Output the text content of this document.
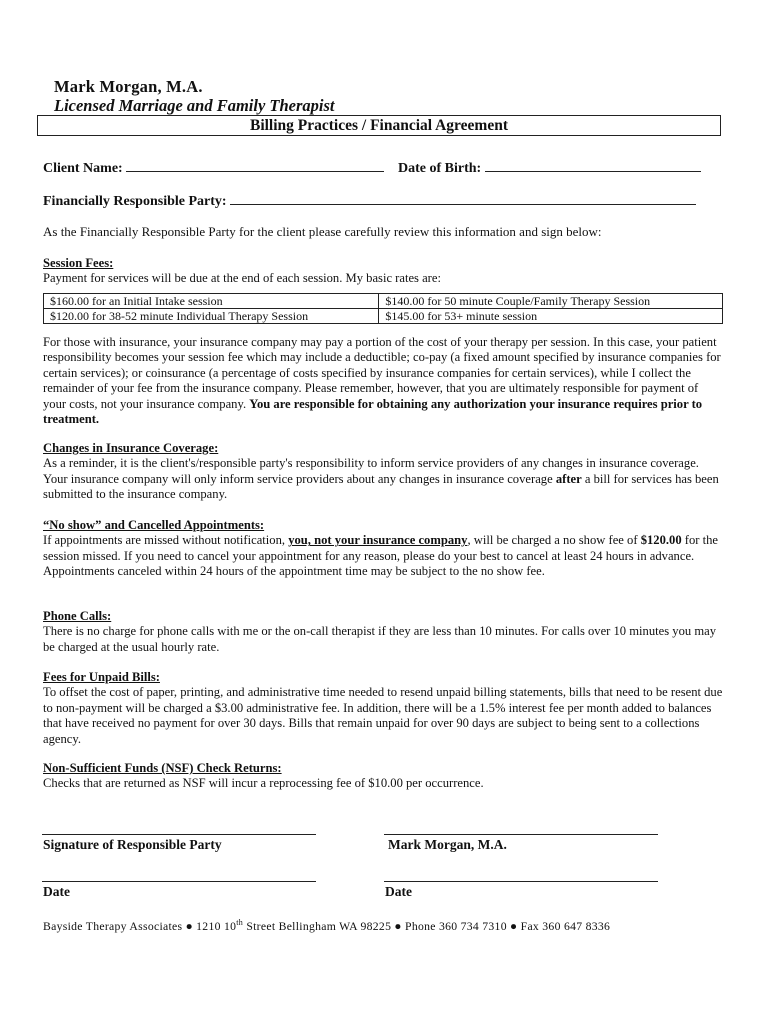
Mark Morgan, M.A.
Licensed Marriage and Family Therapist
Billing Practices / Financial Agreement
Client Name:	Date of Birth:
Financially Responsible Party:
As the Financially Responsible Party for the client please carefully review this information and sign below:
Session Fees:
Payment for services will be due at the end of each session. My basic rates are:
$160.00 for an Initial Intake session	$140.00 for 50 minute Couple/Family Therapy Session
$120.00 for 38-52 minute Individual Therapy Session	$145.00 for 53+ minute session
For those with insurance, your insurance company may pay a portion of the cost of your therapy per session. In this case, your patient responsibility becomes your session fee which may include a deductible; co-pay (a fixed amount specified by insurance companies for certain services); or coinsurance (a percentage of costs specified by insurance companies for certain services), while I collect the remainder of your fee from the insurance company. Please remember, however, that you are ultimately responsible for payment of your costs, not your insurance company. You are responsible for obtaining any authorization your insurance requires prior to treatment.
Changes in Insurance Coverage:
As a reminder, it is the client's/responsible party's responsibility to inform service providers of any changes in insurance coverage. Your insurance company will only inform service providers about any changes in insurance coverage after a bill for services has been submitted to the insurance company.
“No show” and Cancelled Appointments:
If appointments are missed without notification, you, not your insurance company, will be charged a no show fee of $120.00 for the session missed. If you need to cancel your appointment for any reason, please do your best to cancel at least 24 hours in advance. Appointments canceled within 24 hours of the appointment time may be subject to the no show fee.
Phone Calls:
There is no charge for phone calls with me or the on-call therapist if they are less than 10 minutes. For calls over 10 minutes you may be charged at the usual hourly rate.
Fees for Unpaid Bills:
To offset the cost of paper, printing, and administrative time needed to resend unpaid billing statements, bills that need to be resent due to non-payment will be charged a $3.00 administrative fee. In addition, there will be a 1.5% interest fee per month added to balances that have received no payment for over 30 days. Bills that remain unpaid for over 90 days are subject to being sent to a collections agency.
Non-Sufficient Funds (NSF) Check Returns:
Checks that are returned as NSF will incur a reprocessing fee of $10.00 per occurrence.
Signature of Responsible Party	Mark Morgan, M.A.
Date	Date
Bayside Therapy Associates ● 1210 10th Street Bellingham WA 98225 ● Phone 360 734 7310 ● Fax 360 647 8336
